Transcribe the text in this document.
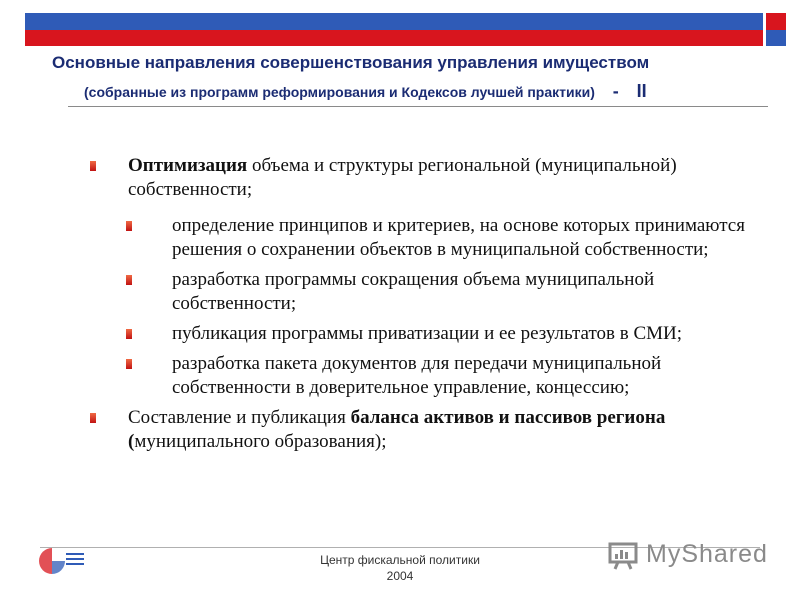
Основные направления совершенствования управления имуществом
(собранные из программ реформирования и Кодексов лучшей практики) - II
Оптимизация объема и структуры региональной (муниципальной) собственности;
определение принципов и критериев, на основе которых принимаются решения о сохранении объектов в муниципальной собственности;
разработка программы сокращения объема муниципальной собственности;
публикация программы приватизации и ее результатов в СМИ;
разработка пакета документов для передачи муниципальной собственности в доверительное управление, концессию;
Составление и публикация баланса активов и пассивов региона (муниципального образования);
Центр фискальной политики
2004
MyShared
